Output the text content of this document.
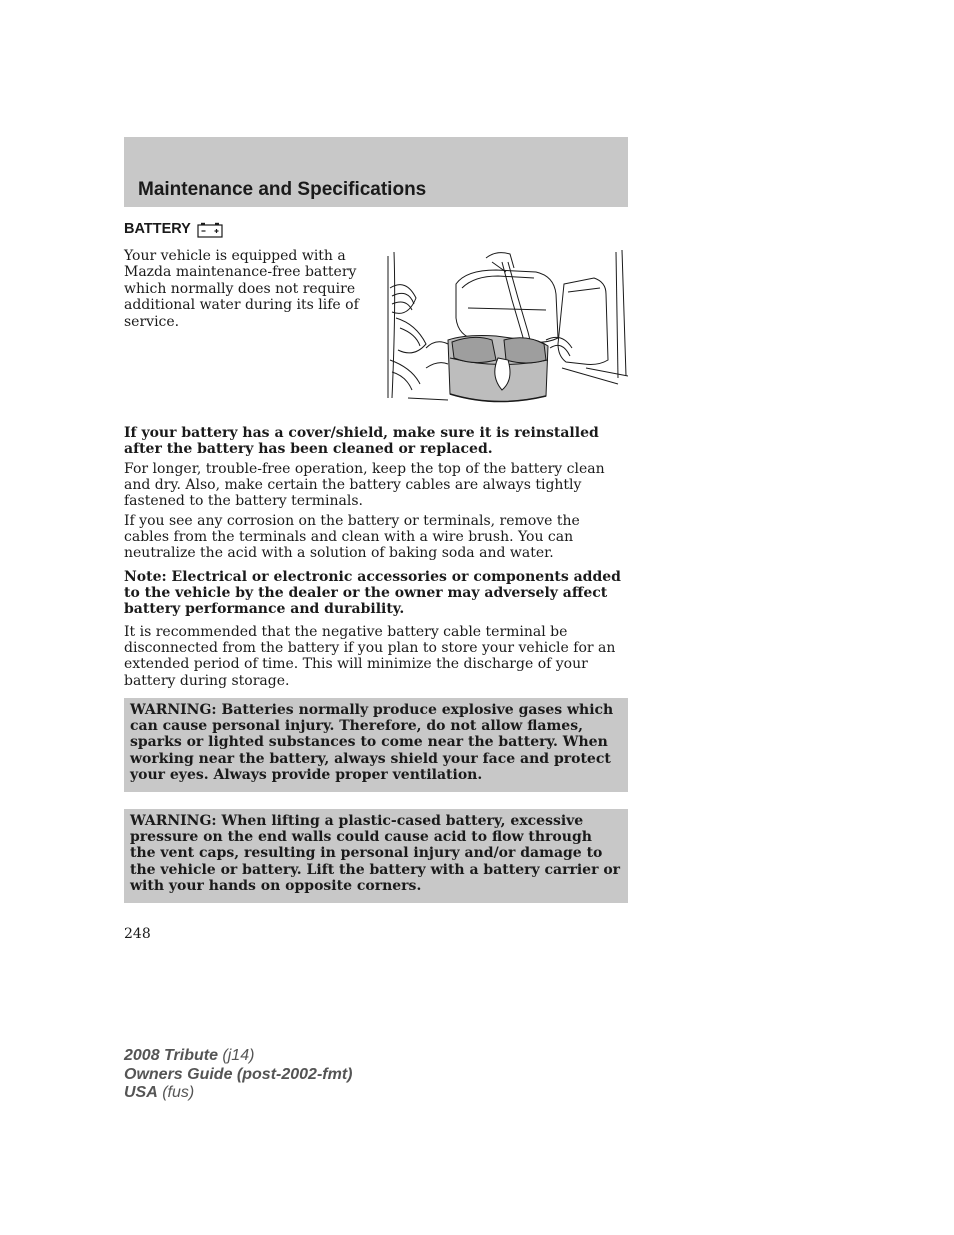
Maintenance and Specifications
BATTERY

Your vehicle is equipped with a Mazda maintenance-free battery which normally does not require additional water during its life of service.

If your battery has a cover/shield, make sure it is reinstalled after the battery has been cleaned or replaced.

For longer, trouble-free operation, keep the top of the battery clean and dry. Also, make certain the battery cables are always tightly fastened to the battery terminals.

If you see any corrosion on the battery or terminals, remove the cables from the terminals and clean with a wire brush. You can neutralize the acid with a solution of baking soda and water.

Note: Electrical or electronic accessories or components added to the vehicle by the dealer or the owner may adversely affect battery performance and durability.

It is recommended that the negative battery cable terminal be disconnected from the battery if you plan to store your vehicle for an extended period of time. This will minimize the discharge of your battery during storage.

WARNING: Batteries normally produce explosive gases which can cause personal injury. Therefore, do not allow flames, sparks or lighted substances to come near the battery. When working near the battery, always shield your face and protect your eyes. Always provide proper ventilation.
WARNING: When lifting a plastic-cased battery, excessive pressure on the end walls could cause acid to flow through the vent caps, resulting in personal injury and/or damage to the vehicle or battery. Lift the battery with a battery carrier or with your hands on opposite corners.
248
2008 Tribute (j14)
Owners Guide (post-2002-fmt)
USA (fus)
